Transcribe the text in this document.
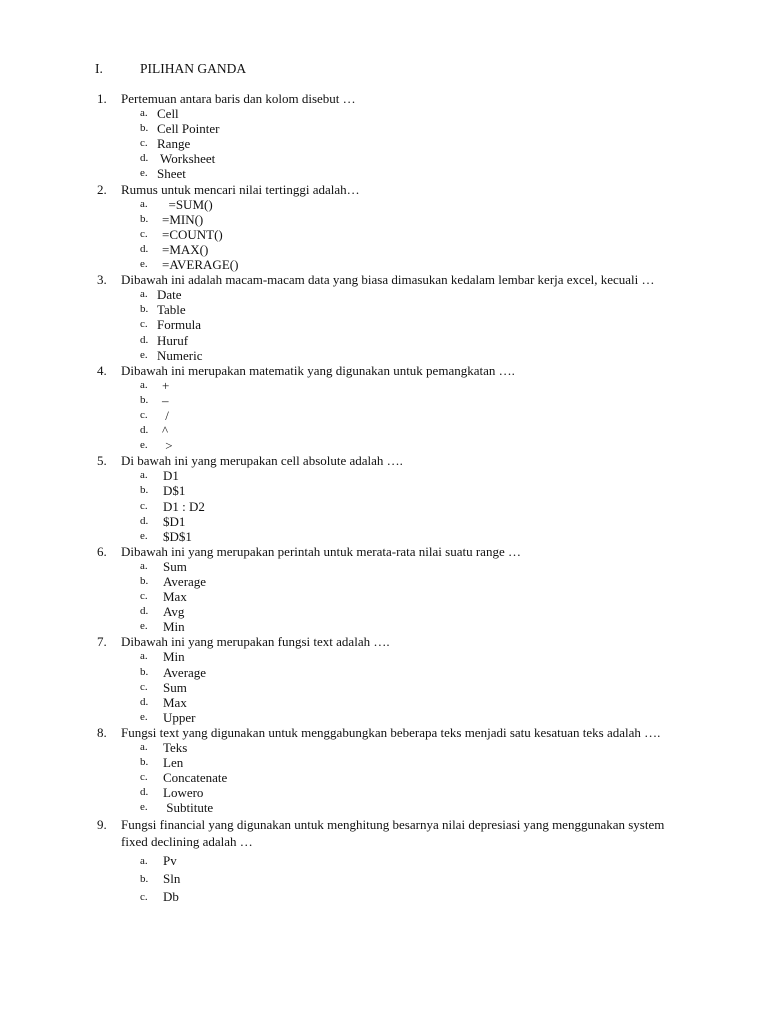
I.	PILIHAN GANDA
1. Pertemuan antara baris dan kolom disebut …
a. Cell
b. Cell Pointer
c. Range
d. Worksheet
e. Sheet
2. Rumus untuk mencari nilai tertinggi adalah…
a. =SUM()
b. =MIN()
c. =COUNT()
d. =MAX()
e. =AVERAGE()
3. Dibawah ini adalah macam-macam data yang biasa dimasukan kedalam lembar kerja excel, kecuali …
a. Date
b. Table
c. Formula
d. Huruf
e. Numeric
4. Dibawah ini merupakan matematik yang digunakan untuk pemangkatan ….
a. +
b. –
c. /
d. ^
e. >
5. Di bawah ini yang merupakan cell absolute adalah ….
a. D1
b. D$1
c. D1 : D2
d. $D1
e. $D$1
6. Dibawah ini yang merupakan perintah untuk merata-rata nilai suatu range …
a. Sum
b. Average
c. Max
d. Avg
e. Min
7. Dibawah ini yang merupakan fungsi text adalah ….
a. Min
b. Average
c. Sum
d. Max
e. Upper
8. Fungsi text yang digunakan untuk menggabungkan beberapa teks menjadi satu kesatuan teks adalah ….
a. Teks
b. Len
c. Concatenate
d. Lowero
e. Subtitute
9. Fungsi financial yang digunakan untuk menghitung besarnya nilai depresiasi yang menggunakan system fixed declining adalah …
a. Pv
b. Sln
c. Db
